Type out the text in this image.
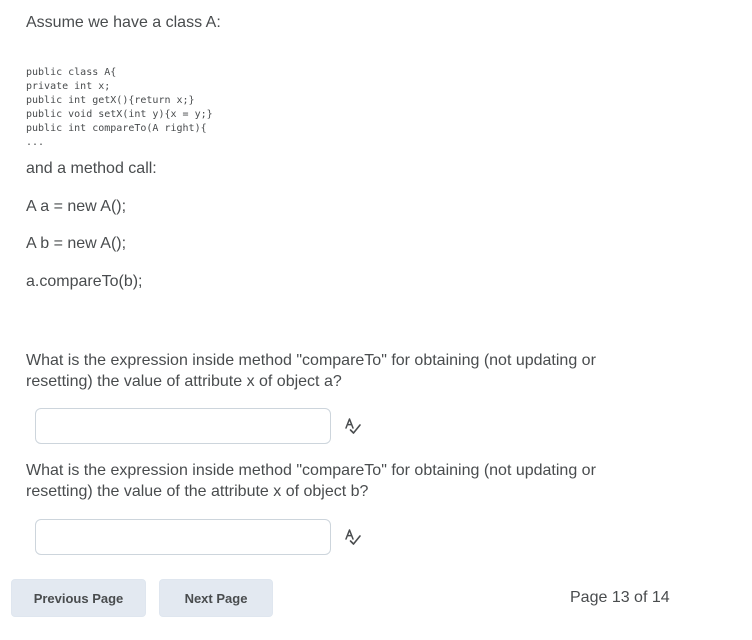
Assume we have a class A:

public class A{
private int x;
public int getX(){return x;}
public void setX(int y){x = y;}
public int compareTo(A right){
...

and a method call:

A a = new A();

A b = new A();

a.compareTo(b);

What is the expression inside method "compareTo" for obtaining (not updating or resetting) the value of attribute x of object a?

What is the expression inside method "compareTo" for obtaining (not updating or resetting) the value of the attribute x of object b?

Previous Page	Next Page	Page 13 of 14
